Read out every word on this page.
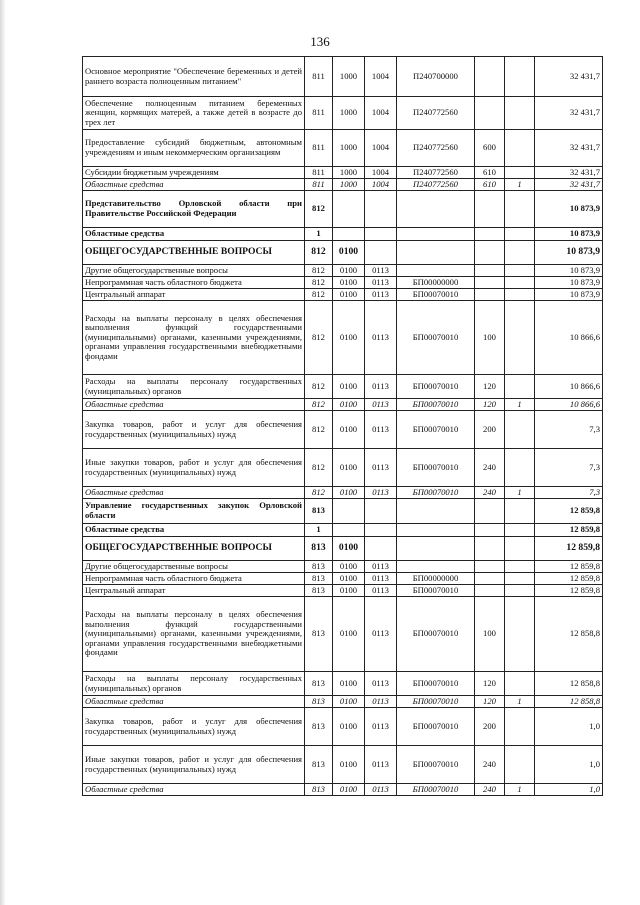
136
Основное мероприятие "Обеспечение беременных и детей раннего возраста полноценным питанием"	811	1000	1004	П240700000			32 431,7
Обеспечение полноценным питанием беременных женщин, кормящих матерей, а также детей в возрасте до трех лет	811	1000	1004	П240772560			32 431,7
Предоставление субсидий бюджетным, автономным учреждениям и иным некоммерческим организациям	811	1000	1004	П240772560	600		32 431,7
Субсидии бюджетным учреждениям	811	1000	1004	П240772560	610		32 431,7
Областные средства	811	1000	1004	П240772560	610	1	32 431,7
Представительство Орловской области при Правительстве Российской Федерации	812						10 873,9
Областные средства	1						10 873,9
ОБЩЕГОСУДАРСТВЕННЫЕ ВОПРОСЫ	812	0100					10 873,9
Другие общегосударственные вопросы	812	0100	0113				10 873,9
Непрограммная часть областного бюджета	812	0100	0113	БП00000000			10 873,9
Центральный аппарат	812	0100	0113	БП00070010			10 873,9
Расходы на выплаты персоналу в целях обеспечения выполнения функций государственными (муниципальными) органами, казенными учреждениями, органами управления государственными внебюджетными фондами	812	0100	0113	БП00070010	100		10 866,6
Расходы на выплаты персоналу государственных (муниципальных) органов	812	0100	0113	БП00070010	120		10 866,6
Областные средства	812	0100	0113	БП00070010	120	1	10 866,6
Закупка товаров, работ и услуг для обеспечения государственных (муниципальных) нужд	812	0100	0113	БП00070010	200		7,3
Иные закупки товаров, работ и услуг для обеспечения государственных (муниципальных) нужд	812	0100	0113	БП00070010	240		7,3
Областные средства	812	0100	0113	БП00070010	240	1	7,3
Управление государственных закупок Орловской области	813						12 859,8
Областные средства	1						12 859,8
ОБЩЕГОСУДАРСТВЕННЫЕ ВОПРОСЫ	813	0100					12 859,8
Другие общегосударственные вопросы	813	0100	0113				12 859,8
Непрограммная часть областного бюджета	813	0100	0113	БП00000000			12 859,8
Центральный аппарат	813	0100	0113	БП00070010			12 859,8
Расходы на выплаты персоналу в целях обеспечения выполнения функций государственными (муниципальными) органами, казенными учреждениями, органами управления государственными внебюджетными фондами	813	0100	0113	БП00070010	100		12 858,8
Расходы на выплаты персоналу государственных (муниципальных) органов	813	0100	0113	БП00070010	120		12 858,8
Областные средства	813	0100	0113	БП00070010	120	1	12 858,8
Закупка товаров, работ и услуг для обеспечения государственных (муниципальных) нужд	813	0100	0113	БП00070010	200		1,0
Иные закупки товаров, работ и услуг для обеспечения государственных (муниципальных) нужд	813	0100	0113	БП00070010	240		1,0
Областные средства	813	0100	0113	БП00070010	240	1	1,0
